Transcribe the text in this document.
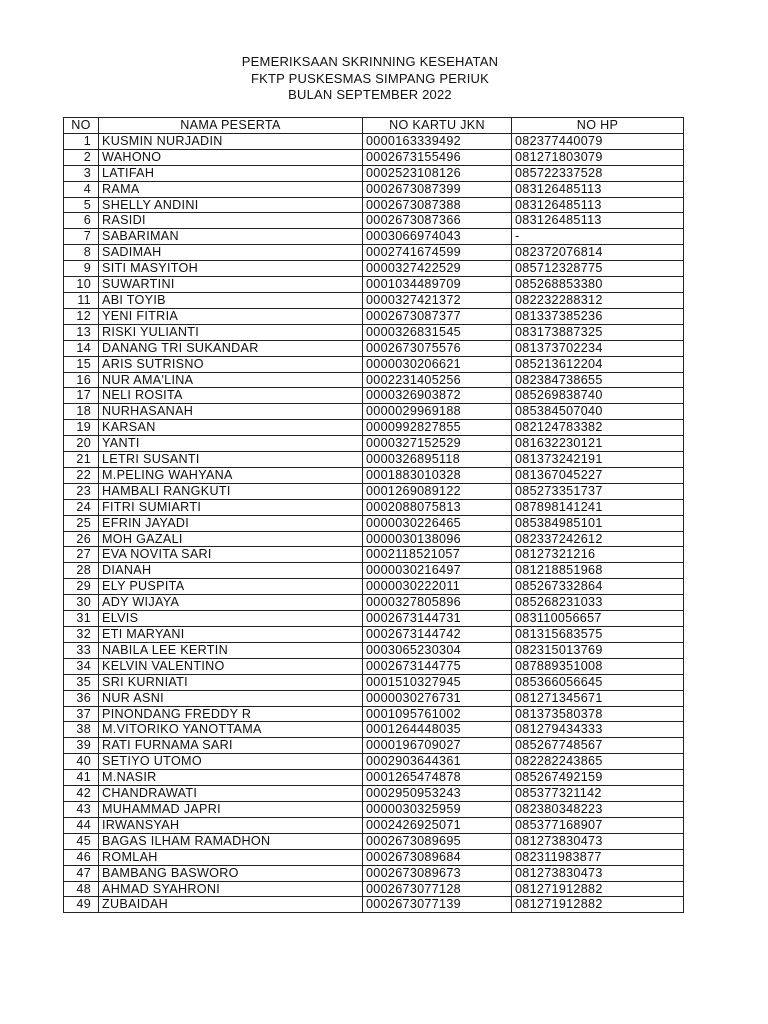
PEMERIKSAAN SKRINNING KESEHATAN
FKTP PUSKESMAS SIMPANG PERIUK
BULAN SEPTEMBER 2022
NO	NAMA PESERTA	NO KARTU JKN	NO HP
1	KUSMIN NURJADIN	0000163339492	082377440079
2	WAHONO	0002673155496	081271803079
3	LATIFAH	0002523108126	085722337528
4	RAMA	0002673087399	083126485113
5	SHELLY ANDINI	0002673087388	083126485113
6	RASIDI	0002673087366	083126485113
7	SABARIMAN	0003066974043	-
8	SADIMAH	0002741674599	082372076814
9	SITI MASYITOH	0000327422529	085712328775
10	SUWARTINI	0001034489709	085268853380
11	ABI TOYIB	0000327421372	082232288312
12	YENI FITRIA	0002673087377	081337385236
13	RISKI YULIANTI	0000326831545	083173887325
14	DANANG TRI SUKANDAR	0002673075576	081373702234
15	ARIS SUTRISNO	0000030206621	085213612204
16	NUR AMA'LINA	0002231405256	082384738655
17	NELI ROSITA	0000326903872	085269838740
18	NURHASANAH	0000029969188	085384507040
19	KARSAN	0000992827855	082124783382
20	YANTI	0000327152529	081632230121
21	LETRI SUSANTI	0000326895118	081373242191
22	M.PELING WAHYANA	0001883010328	081367045227
23	HAMBALI RANGKUTI	0001269089122	085273351737
24	FITRI SUMIARTI	0002088075813	087898141241
25	EFRIN JAYADI	0000030226465	085384985101
26	MOH GAZALI	0000030138096	082337242612
27	EVA NOVITA SARI	0002118521057	08127321216
28	DIANAH	0000030216497	081218851968
29	ELY PUSPITA	0000030222011	085267332864
30	ADY WIJAYA	0000327805896	085268231033
31	ELVIS	0002673144731	083110056657
32	ETI MARYANI	0002673144742	081315683575
33	NABILA LEE KERTIN	0003065230304	082315013769
34	KELVIN VALENTINO	0002673144775	087889351008
35	SRI KURNIATI	0001510327945	085366056645
36	NUR ASNI	0000030276731	081271345671
37	PINONDANG FREDDY R	0001095761002	081373580378
38	M.VITORIKO YANOTTAMA	0001264448035	081279434333
39	RATI FURNAMA SARI	0000196709027	085267748567
40	SETIYO UTOMO	0002903644361	082282243865
41	M.NASIR	0001265474878	085267492159
42	CHANDRAWATI	0002950953243	085377321142
43	MUHAMMAD JAPRI	0000030325959	082380348223
44	IRWANSYAH	0002426925071	085377168907
45	BAGAS ILHAM RAMADHON	0002673089695	081273830473
46	ROMLAH	0002673089684	082311983877
47	BAMBANG BASWORO	0002673089673	081273830473
48	AHMAD SYAHRONI	0002673077128	081271912882
49	ZUBAIDAH	0002673077139	081271912882
